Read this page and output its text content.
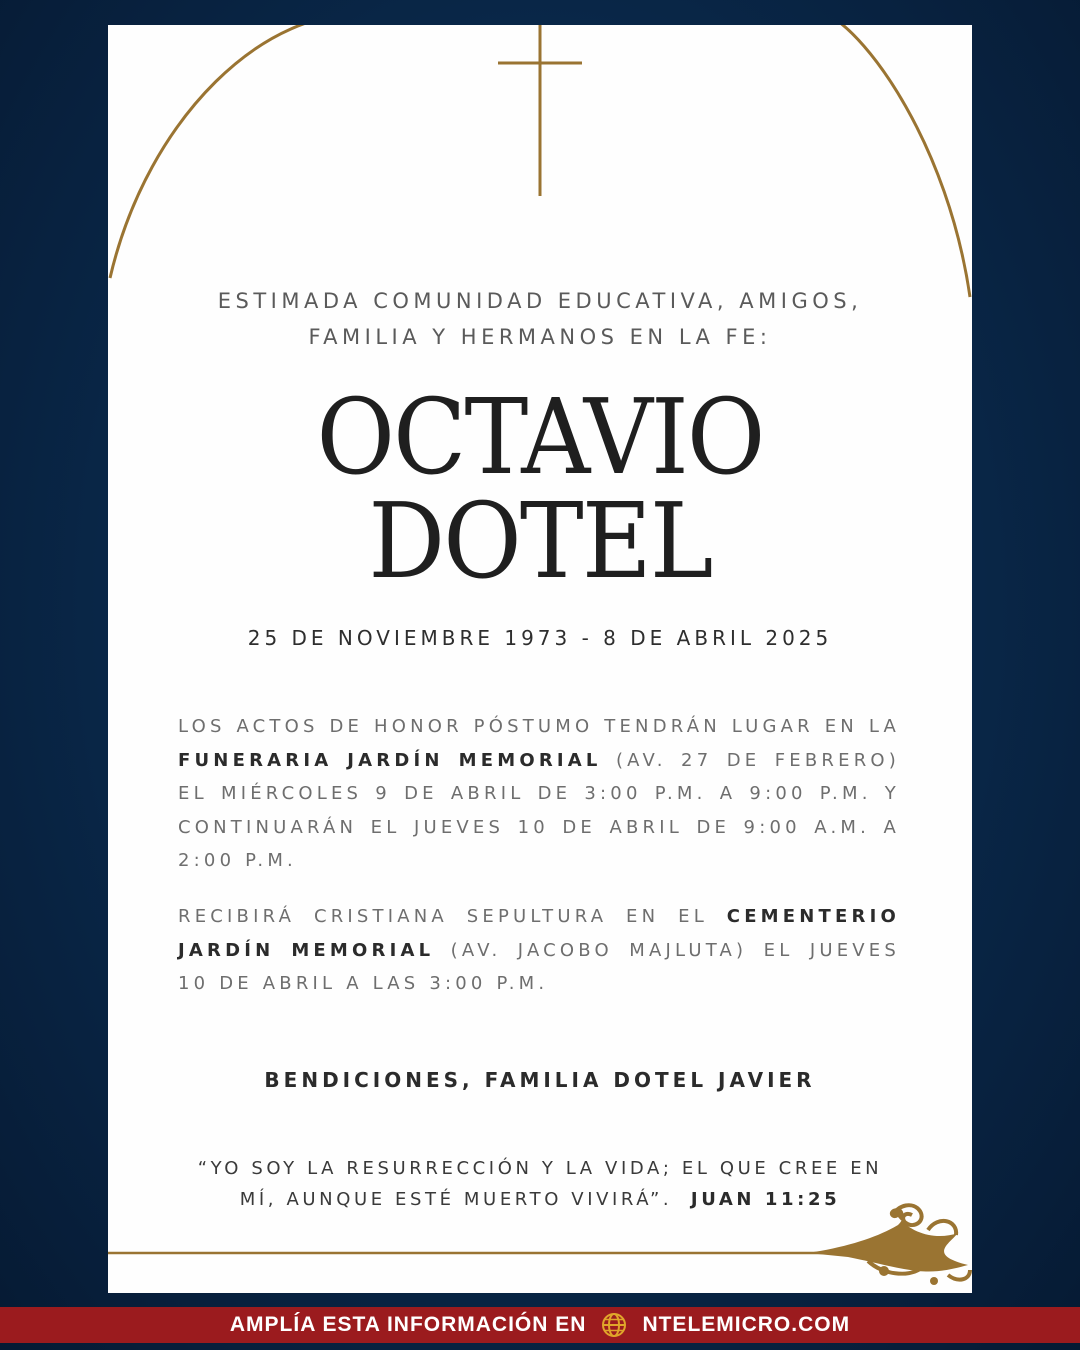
ESTIMADA COMUNIDAD EDUCATIVA, AMIGOS,
FAMILIA Y HERMANOS EN LA FE:
OCTAVIO
DOTEL
25 DE NOVIEMBRE 1973 - 8 DE ABRIL 2025
LOS ACTOS DE HONOR PÓSTUMO TENDRÁN LUGAR EN LA FUNERARIA JARDÍN MEMORIAL (AV. 27 DE FEBRERO) EL MIÉRCOLES 9 DE ABRIL DE 3:00 P.M. A 9:00 P.M. Y CONTINUARÁN EL JUEVES 10 DE ABRIL DE 9:00 A.M. A 2:00 P.M.
RECIBIRÁ CRISTIANA SEPULTURA EN EL CEMENTERIO JARDÍN MEMORIAL (AV. JACOBO MAJLUTA) EL JUEVES 10 DE ABRIL A LAS 3:00 P.M.
BENDICIONES, FAMILIA DOTEL JAVIER
“YO SOY LA RESURRECCIÓN Y LA VIDA; EL QUE CREE EN MÍ, AUNQUE ESTÉ MUERTO VIVIRÁ”. JUAN 11:25
AMPLÍA ESTA INFORMACIÓN EN	NTELEMICRO.COM
